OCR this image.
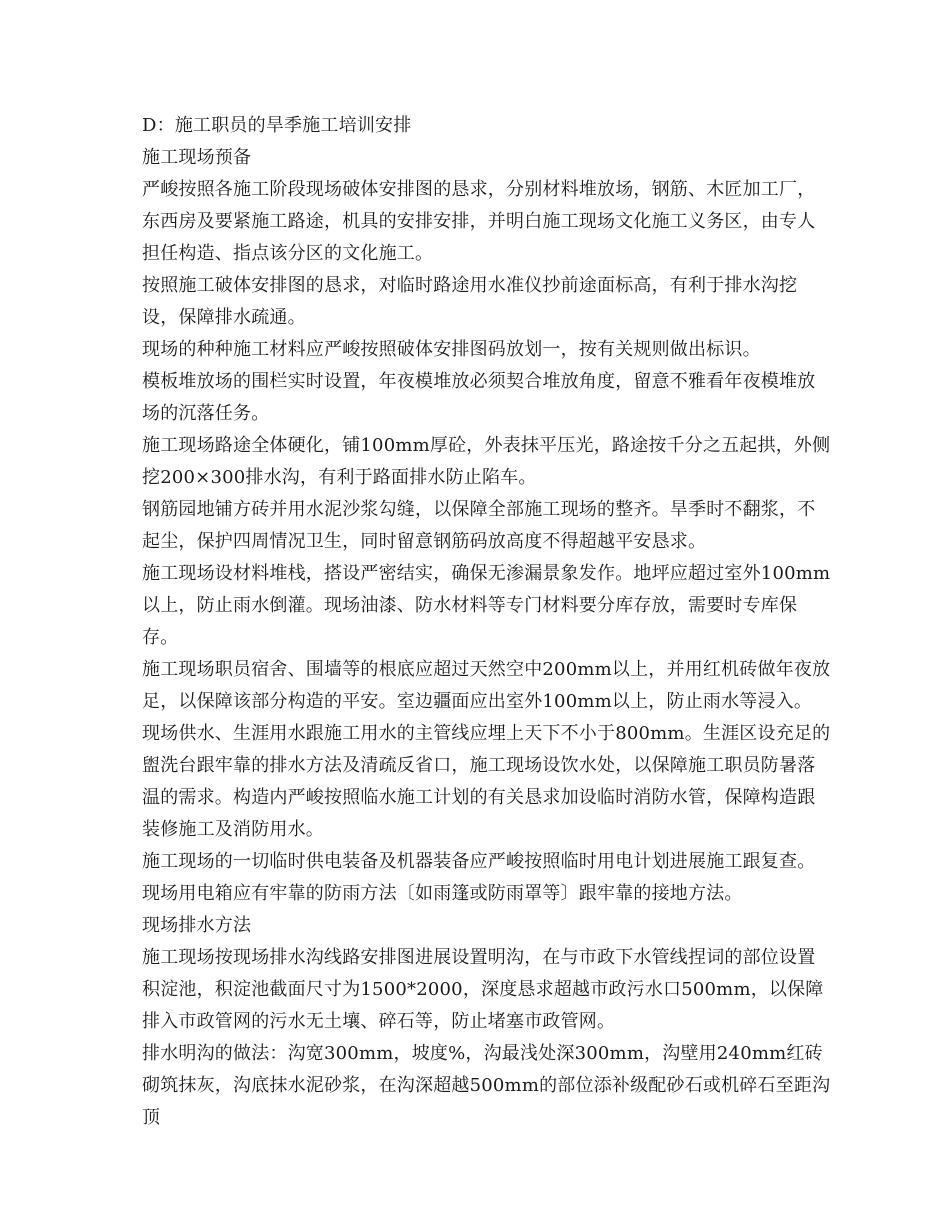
D：施工职员的旱季施工培训安排

施工现场预备

严峻按照各施工阶段现场破体安排图的恳求，分别材料堆放场，钢筋、木匠加工厂，东西房及要紧施工路途，机具的安排安排，并明白施工现场文化施工义务区，由专人担任构造、指点该分区的文化施工。

按照施工破体安排图的恳求，对临时路途用水准仪抄前途面标高，有利于排水沟挖设，保障排水疏通。

现场的种种施工材料应严峻按照破体安排图码放划一，按有关规则做出标识。

模板堆放场的围栏实时设置，年夜模堆放必须契合堆放角度，留意不雅看年夜模堆放场的沉落任务。

施工现场路途全体硬化，铺100mm厚砼，外表抹平压光，路途按千分之五起拱，外侧挖200×300排水沟，有利于路面排水防止陷车。

钢筋园地铺方砖并用水泥沙浆勾缝，以保障全部施工现场的整齐。旱季时不翻浆，不起尘，保护四周情况卫生，同时留意钢筋码放高度不得超越平安恳求。

施工现场设材料堆栈，搭设严密结实，确保无渗漏景象发作。地坪应超过室外100mm以上，防止雨水倒灌。现场油漆、防水材料等专门材料要分库存放，需要时专库保存。

施工现场职员宿舍、围墙等的根底应超过天然空中200mm以上，并用红机砖做年夜放足，以保障该部分构造的平安。室边疆面应出室外100mm以上，防止雨水等浸入。

现场供水、生涯用水跟施工用水的主管线应埋上天下不小于800mm。生涯区设充足的盥洗台跟牢靠的排水方法及清疏反省口，施工现场设饮水处，以保障施工职员防暑落温的需求。构造内严峻按照临水施工计划的有关恳求加设临时消防水管，保障构造跟装修施工及消防用水。

施工现场的一切临时供电装备及机器装备应严峻按照临时用电计划进展施工跟复查。

现场用电箱应有牢靠的防雨方法〔如雨篷或防雨罩等〕跟牢靠的接地方法。

现场排水方法

施工现场按现场排水沟线路安排图进展设置明沟，在与市政下水管线捏词的部位设置积淀池，积淀池截面尺寸为1500*2000，深度恳求超越市政污水口500mm，以保障排入市政管网的污水无土壤、碎石等，防止堵塞市政管网。

排水明沟的做法：沟宽300mm，坡度%，沟最浅处深300mm，沟壁用240mm红砖砌筑抹灰，沟底抹水泥砂浆，在沟深超越500mm的部位添补级配砂石或机碎石至距沟顶
